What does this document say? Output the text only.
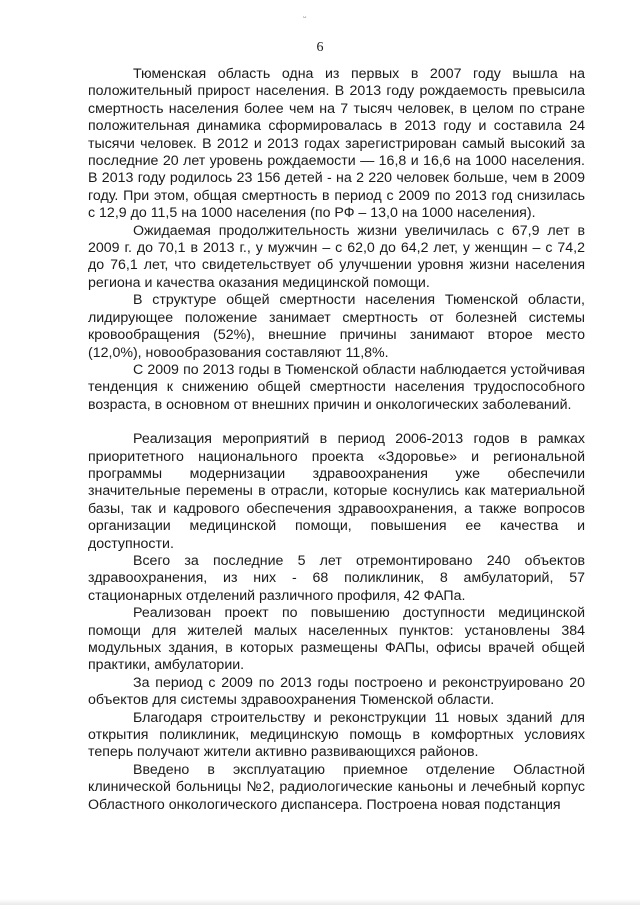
ᵕ
6

Тюменская область одна из первых в 2007 году вышла на положительный прирост населения. В 2013 году рождаемость превысила смертность населения более чем на 7 тысяч человек, в целом по стране положительная динамика сформировалась в 2013 году и составила 24 тысячи человек. В 2012 и 2013 годах зарегистрирован самый высокий за последние 20 лет уровень рождаемости — 16,8 и 16,6 на 1000 населения. В 2013 году родилось 23 156 детей - на 2 220 человек больше, чем в 2009 году. При этом, общая смертность в период с 2009 по 2013 год снизилась с 12,9 до 11,5 на 1000 населения (по РФ – 13,0 на 1000 населения).

Ожидаемая продолжительность жизни увеличилась с 67,9 лет в 2009 г. до 70,1 в 2013 г., у мужчин – с 62,0 до 64,2 лет, у женщин – с 74,2 до 76,1 лет, что свидетельствует об улучшении уровня жизни населения региона и качества оказания медицинской помощи.

В структуре общей смертности населения Тюменской области, лидирующее положение занимает смертность от болезней системы кровообращения (52%), внешние причины занимают второе место (12,0%), новообразования составляют 11,8%.

С 2009 по 2013 годы в Тюменской области наблюдается устойчивая тенденция к снижению общей смертности населения трудоспособного возраста, в основном от внешних причин и онкологических заболеваний.

Реализация мероприятий в период 2006-2013 годов в рамках приоритетного национального проекта «Здоровье» и региональной программы модернизации здравоохранения уже обеспечили значительные перемены в отрасли, которые коснулись как материальной базы, так и кадрового обеспечения здравоохранения, а также вопросов организации медицинской помощи, повышения ее качества и доступности.

Всего за последние 5 лет отремонтировано 240 объектов здравоохранения, из них - 68 поликлиник, 8 амбулаторий, 57 стационарных отделений различного профиля, 42 ФАПа.

Реализован проект по повышению доступности медицинской помощи для жителей малых населенных пунктов: установлены 384 модульных здания, в которых размещены ФАПы, офисы врачей общей практики, амбулатории.

За период с 2009 по 2013 годы построено и реконструировано 20 объектов для системы здравоохранения Тюменской области.

Благодаря строительству и реконструкции 11 новых зданий для открытия поликлиник, медицинскую помощь в комфортных условиях теперь получают жители активно развивающихся районов.

Введено в эксплуатацию приемное отделение Областной клинической больницы №2, радиологические каньоны и лечебный корпус Областного онкологического диспансера. Построена новая подстанция
